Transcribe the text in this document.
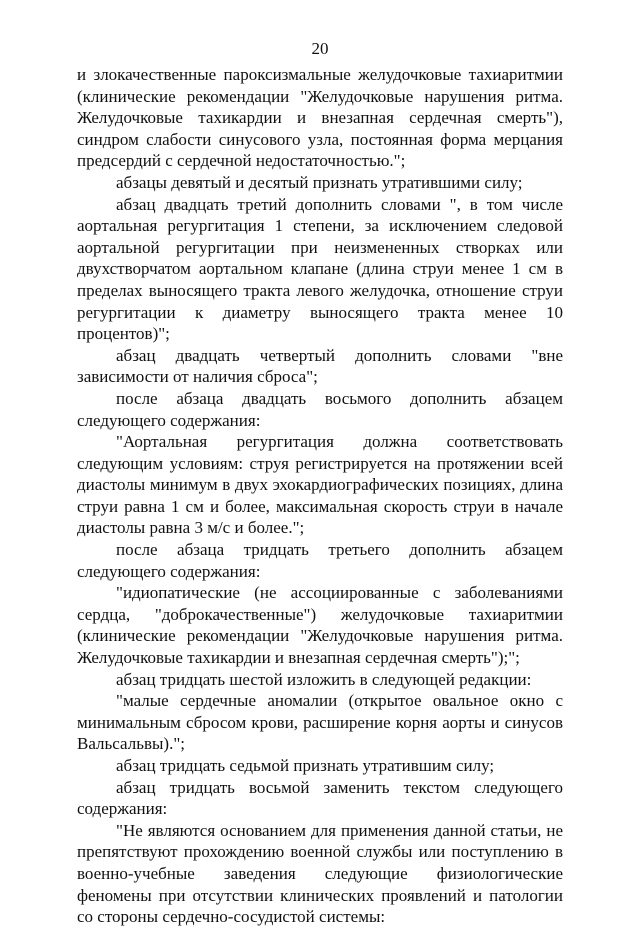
20

и злокачественные пароксизмальные желудочковые тахиаритмии (клинические рекомендации "Желудочковые нарушения ритма. Желудочковые тахикардии и внезапная сердечная смерть"), синдром слабости синусового узла, постоянная форма мерцания предсердий с сердечной недостаточностью.";

абзацы девятый и десятый признать утратившими силу;

абзац двадцать третий дополнить словами ", в том числе аортальная регургитация 1 степени, за исключением следовой аортальной регургитации при неизмененных створках или двухстворчатом аортальном клапане (длина струи менее 1 см в пределах выносящего тракта левого желудочка, отношение струи регургитации к диаметру выносящего тракта менее 10 процентов)";

абзац двадцать четвертый дополнить словами "вне зависимости от наличия сброса";

после абзаца двадцать восьмого дополнить абзацем следующего содержания:

"Аортальная регургитация должна соответствовать следующим условиям: струя регистрируется на протяжении всей диастолы минимум в двух эхокардиографических позициях, длина струи равна 1 см и более, максимальная скорость струи в начале диастолы равна 3 м/с и более.";

после абзаца тридцать третьего дополнить абзацем следующего содержания:

"идиопатические (не ассоциированные с заболеваниями сердца, "доброкачественные") желудочковые тахиаритмии (клинические рекомендации "Желудочковые нарушения ритма. Желудочковые тахикардии и внезапная сердечная смерть");";

абзац тридцать шестой изложить в следующей редакции:

"малые сердечные аномалии (открытое овальное окно с минимальным сбросом крови, расширение корня аорты и синусов Вальсальвы).";

абзац тридцать седьмой признать утратившим силу;

абзац тридцать восьмой заменить текстом следующего содержания:

"Не являются основанием для применения данной статьи, не препятствуют прохождению военной службы или поступлению в военно-учебные заведения следующие физиологические феномены при отсутствии клинических проявлений и патологии со стороны сердечно-сосудистой системы:
